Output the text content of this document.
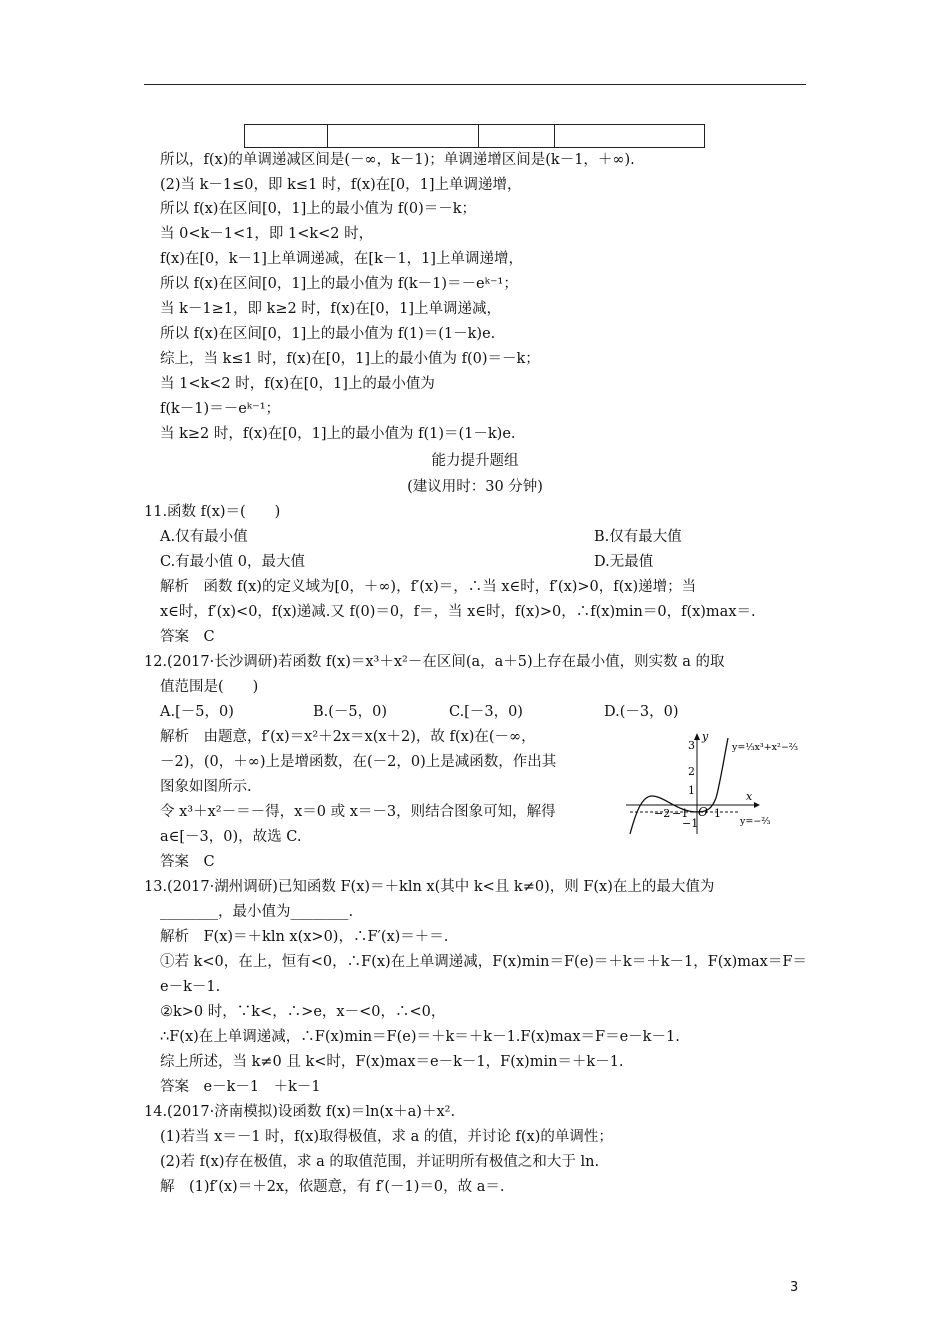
所以，f(x)的单调递减区间是(－∞，k－1)；单调递增区间是(k－1，＋∞).
(2)当 k－1≤0，即 k≤1 时，f(x)在[0，1]上单调递增，
所以 f(x)在区间[0，1]上的最小值为 f(0)＝－k；
当 0<k－1<1，即 1<k<2 时，
f(x)在[0，k－1]上单调递减，在[k－1，1]上单调递增，
所以 f(x)在区间[0，1]上的最小值为 f(k－1)＝－eᵏ⁻¹；
当 k－1≥1，即 k≥2 时，f(x)在[0，1]上单调递减，
所以 f(x)在区间[0，1]上的最小值为 f(1)＝(1－k)e.
综上，当 k≤1 时，f(x)在[0，1]上的最小值为 f(0)＝－k；
当 1<k<2 时，f(x)在[0，1]上的最小值为
f(k－1)＝－eᵏ⁻¹；
当 k≥2 时，f(x)在[0，1]上的最小值为 f(1)＝(1－k)e.
能力提升题组
(建议用时：30 分钟)
11.函数 f(x)＝(　　)
A.仅有最小值	B.仅有最大值
C.有最小值 0，最大值	D.无最值
解析　函数 f(x)的定义域为[0，＋∞)，f′(x)＝，∴当 x∈时，f′(x)>0，f(x)递增；当
x∈时，f′(x)<0，f(x)递减.又 f(0)＝0，f＝，当 x∈时，f(x)>0，∴f(x)min＝0，f(x)max＝.
答案　C
12.(2017·长沙调研)若函数 f(x)＝x³＋x²－在区间(a，a＋5)上存在最小值，则实数 a 的取
值范围是(　　)
A.[－5，0)	B.(－5，0)	C.[－3，0)	D.(－3，0)
解析　由题意，f′(x)＝x²＋2x＝x(x＋2)，故 f(x)在(－∞，
－2)，(0，＋∞)上是增函数，在(－2，0)上是减函数，作出其
图象如图所示.
令 x³＋x²－＝－得，x＝0 或 x＝－3，则结合图象可知，解得
a∈[－3，0)，故选 C.
答案　C
3
2
1
−1
−2 −1 1
O
y
x
y=⅓x³+x²−⅔
y=−⅔
13.(2017·湖州调研)已知函数 F(x)＝＋kln x(其中 k<且 k≠0)，则 F(x)在上的最大值为
________，最小值为________.
解析　F(x)＝＋kln x(x>0)，∴F′(x)＝＋＝.
①若 k<0，在上，恒有<0，∴F(x)在上单调递减，F(x)min＝F(e)＝＋k＝＋k－1，F(x)max＝F＝
e－k－1.
②k>0 时，∵k<，∴>e，x－<0，∴<0，
∴F(x)在上单调递减，∴F(x)min＝F(e)＝＋k＝＋k－1.F(x)max＝F＝e－k－1.
综上所述，当 k≠0 且 k<时，F(x)max＝e－k－1，F(x)min＝＋k－1.
答案　e－k－1　＋k－1
14.(2017·济南模拟)设函数 f(x)＝ln(x＋a)＋x².
(1)若当 x＝－1 时，f(x)取得极值，求 a 的值，并讨论 f(x)的单调性；
(2)若 f(x)存在极值，求 a 的取值范围，并证明所有极值之和大于 ln.
解　(1)f′(x)＝＋2x，依题意，有 f′(－1)＝0，故 a＝.
3
